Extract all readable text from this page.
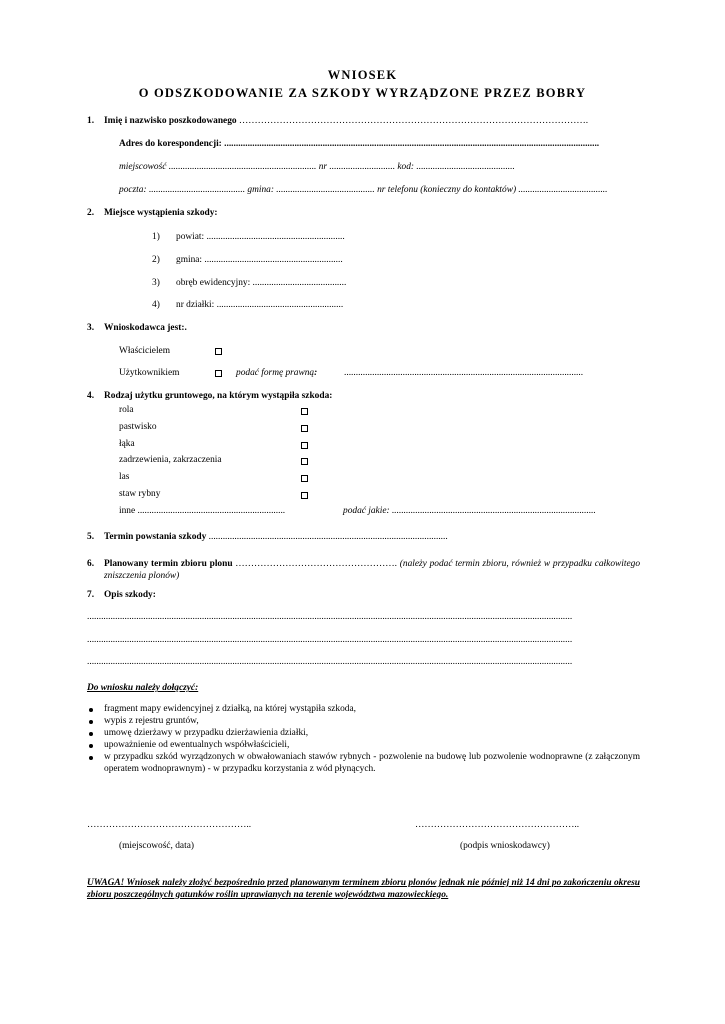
WNIOSEK
O ODSZKODOWANIE ZA SZKODY WYRZĄDZONE PRZEZ BOBRY
1. Imię i nazwisko poszkodowanego ………………………………………………………………………………………………….
Adres do korespondencji: ................................................................................................................................................................
miejscowość ............................................................... nr ............................ kod: ..........................................
poczta: ......................................... gmina: .......................................... nr telefonu (konieczny do kontaktów) ......................................
2. Miejsce wystąpienia szkody:
1) powiat: ...........................................................
2) gmina: ...........................................................
3) obręb ewidencyjny: ........................................
4) nr działki: ......................................................
3. Wnioskodawca jest:.
Właścicielem
Użytkownikiem	podać formę prawną:	......................................................................................................
4. Rodzaj użytku gruntowego, na którym wystąpiła szkoda:
rola
pastwisko
łąka
zadrzewienia, zakrzaczenia
las
staw rybny
inne ...............................................................	podać jakie: .......................................................................................
5. Termin powstania szkody ......................................................................................................
6. Planowany termin zbioru plonu ……………………………………………. (należy podać termin zbioru, również w przypadku całkowitego zniszczenia plonów)
7. Opis szkody:
...............................................................................................................................................................................................................
...............................................................................................................................................................................................................
...............................................................................................................................................................................................................
Do wniosku należy dołączyć:
fragment mapy ewidencyjnej z działką, na której wystąpiła szkoda,
wypis z rejestru gruntów,
umowę dzierżawy w przypadku dzierżawienia działki,
upoważnienie od ewentualnych współwłaścicieli,
w przypadku szkód wyrządzonych w obwałowaniach stawów rybnych - pozwolenie na budowę lub pozwolenie wodnoprawne (z załączonym operatem wodnoprawnym) - w przypadku korzystania z wód płynących.
……………………………………………..
(miejscowość, data)
……………………………………………..
(podpis wnioskodawcy)
UWAGA! Wniosek należy złożyć bezpośrednio przed planowanym terminem zbioru plonów jednak nie później niż 14 dni po zakończeniu okresu zbioru poszczególnych gatunków roślin uprawianych na terenie województwa mazowieckiego.
